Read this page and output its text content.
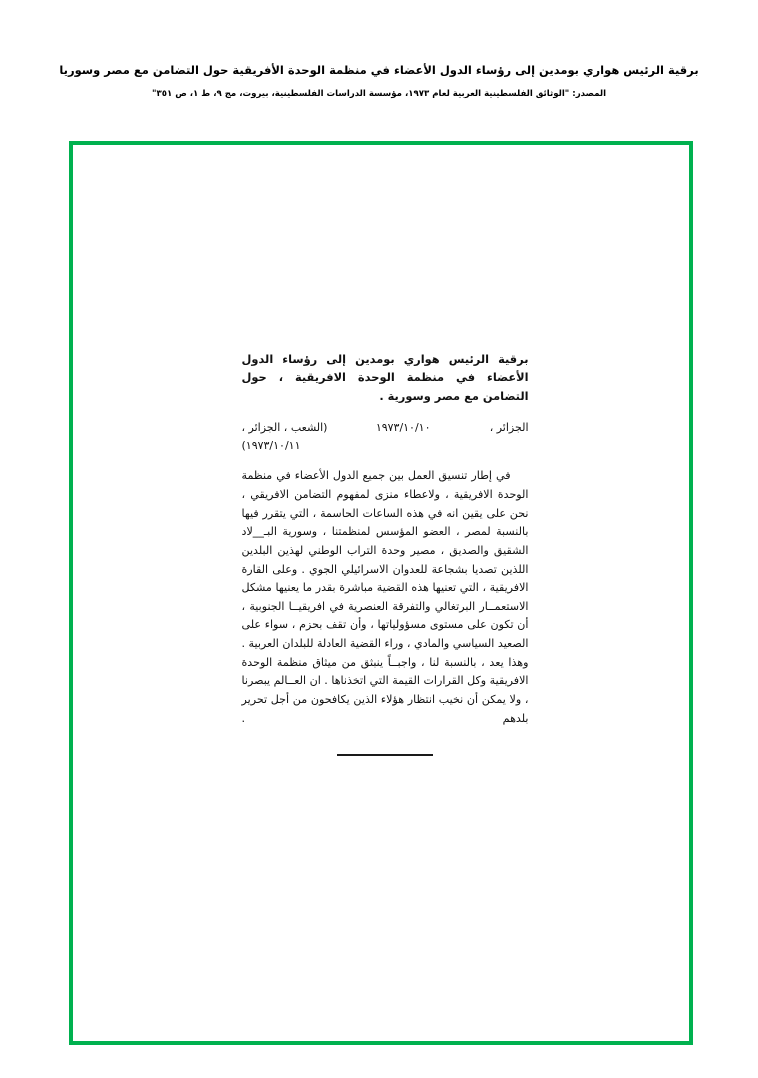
برقية الرئيس هواري بومدين إلى رؤساء الدول الأعضاء في منظمة الوحدة الأفريقية حول التضامن مع مصر وسوريا
المصدر: "الوثائق الفلسطينية العربية لعام ١٩٧٣، مؤسسة الدراسات الفلسطينية، بيروت، مج ٩، ط ١، ص ٣٥١"
برقية الرئيس هواري بومدين إلى رؤساء الدول الأعضاء في منظمة الوحدة الافريقية ، حول التضامن مع مصر وسورية .
الجزائر ،
١٩٧٣/١٠/١٠
(الشعب ، الجزائر ،
١٩٧٣/١٠/١١)

في إطار تنسيق العمل بين جميع الدول الأعضاء في منظمة الوحدة الافريقية ، ولاعطاء منزى لمفهوم التضامن الافريقي ، نحن على يقين انه في هذه الساعات الحاسمة ، التي يتقرر فيها بالنسبة لمصر ، العضو المؤسس لمنظمتنا ، وسورية البـ__لاد الشقيق والصديق ، مصير وحدة التراب الوطني لهذين البلدين اللذين تصديا بشجاعة للعدوان الاسرائيلي الجوي . وعلى القارة الافريقية ، التي تعنيها هذه القضية مباشرة بقدر ما يعنيها مشكل الاستعمــار البرتغالي والتفرقة العنصرية في افريقيــا الجنوبية ، أن تكون على مستوى مسؤولياتها ، وأن تقف بحزم ، سواء على الصعيد السياسي والمادي ، وراء القضية العادلة للبلدان العربية . وهذا يعد ، بالنسبة لنا ، واجبــاً ينبثق من ميثاق منظمة الوحدة الافريقية وكل القرارات القيمة التي اتخذناها . ان العــالم يبصرنا ، ولا يمكن أن نخيب انتظار هؤلاء الذين يكافحون من أجل تحرير بلدهم .
